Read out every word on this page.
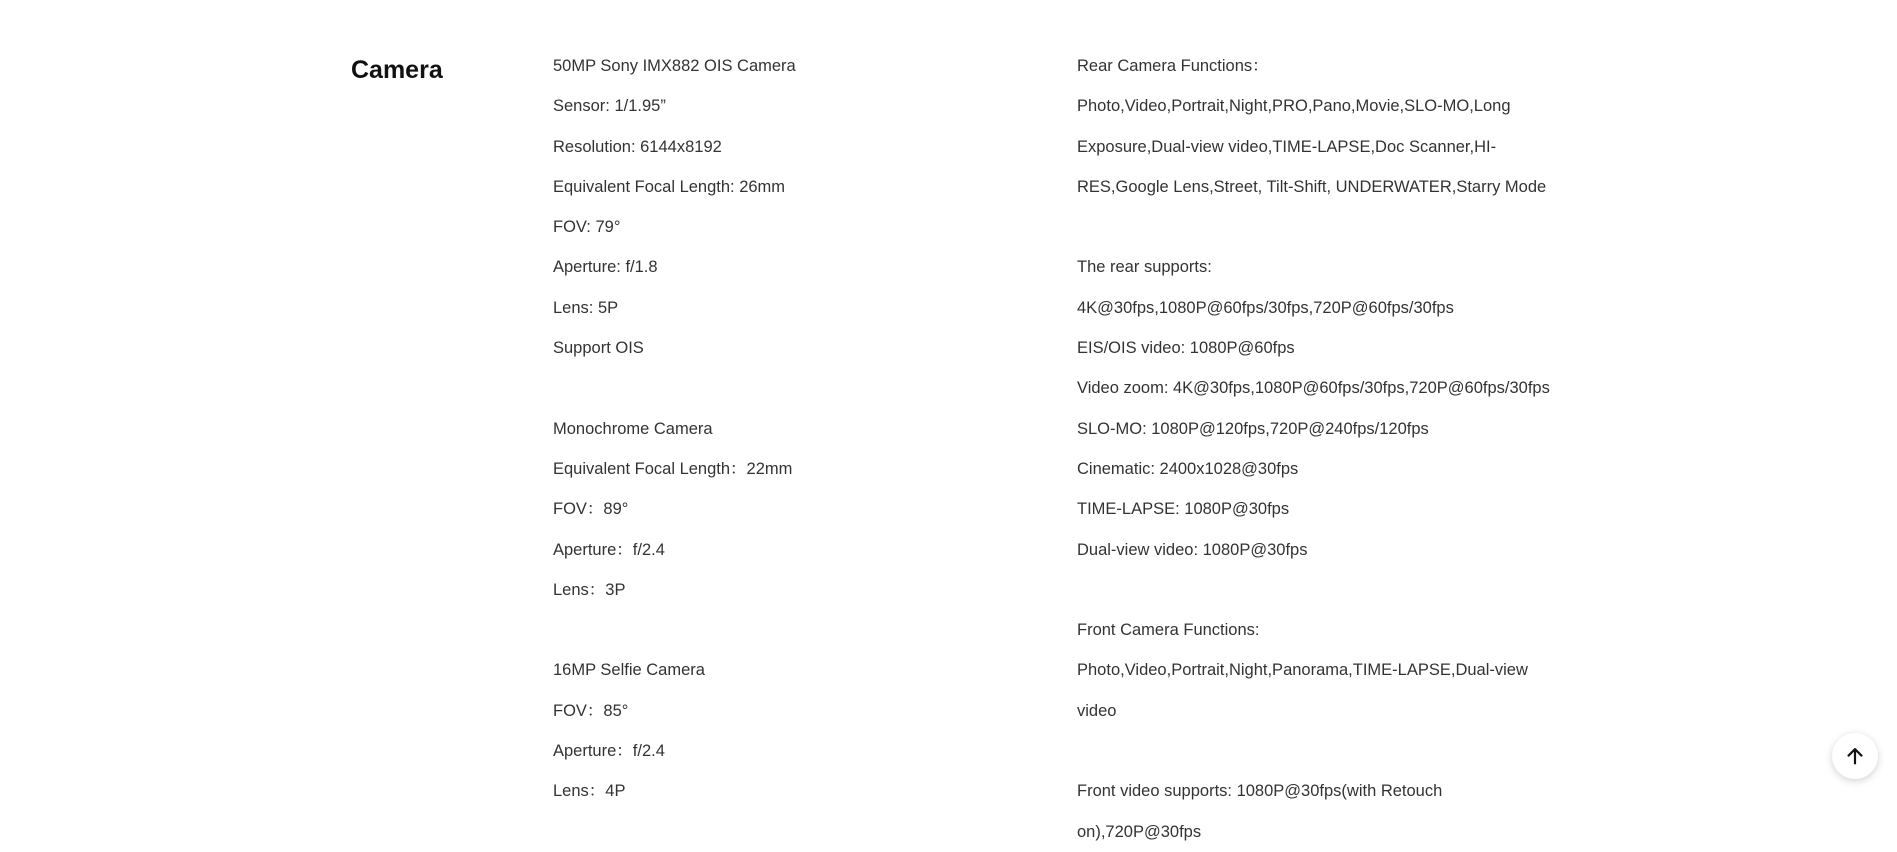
Camera	50MP Sony IMX882 OIS Camera
Sensor: 1/1.95”
Resolution: 6144x8192
Equivalent Focal Length: 26mm
FOV: 79°
Aperture: f/1.8
Lens: 5P
Support OIS
Monochrome Camera
Equivalent Focal Length：22mm
FOV：89°
Aperture：f/2.4
Lens：3P
16MP Selfie Camera
FOV：85°
Aperture：f/2.4
Lens：4P
Rear Camera Functions：
Photo,Video,Portrait,Night,PRO,Pano,Movie,SLO-MO,Long
Exposure,Dual-view video,TIME-LAPSE,Doc Scanner,HI-
RES,Google Lens,Street, Tilt-Shift, UNDERWATER,Starry Mode
The rear supports:
4K@30fps,1080P@60fps/30fps,720P@60fps/30fps
EIS/OIS video: 1080P@60fps
Video zoom: 4K@30fps,1080P@60fps/30fps,720P@60fps/30fps
SLO-MO: 1080P@120fps,720P@240fps/120fps
Cinematic: 2400x1028@30fps
TIME-LAPSE: 1080P@30fps
Dual-view video: 1080P@30fps
Front Camera Functions:
Photo,Video,Portrait,Night,Panorama,TIME-LAPSE,Dual-view
video
Front video supports: 1080P@30fps(with Retouch
on),720P@30fps
